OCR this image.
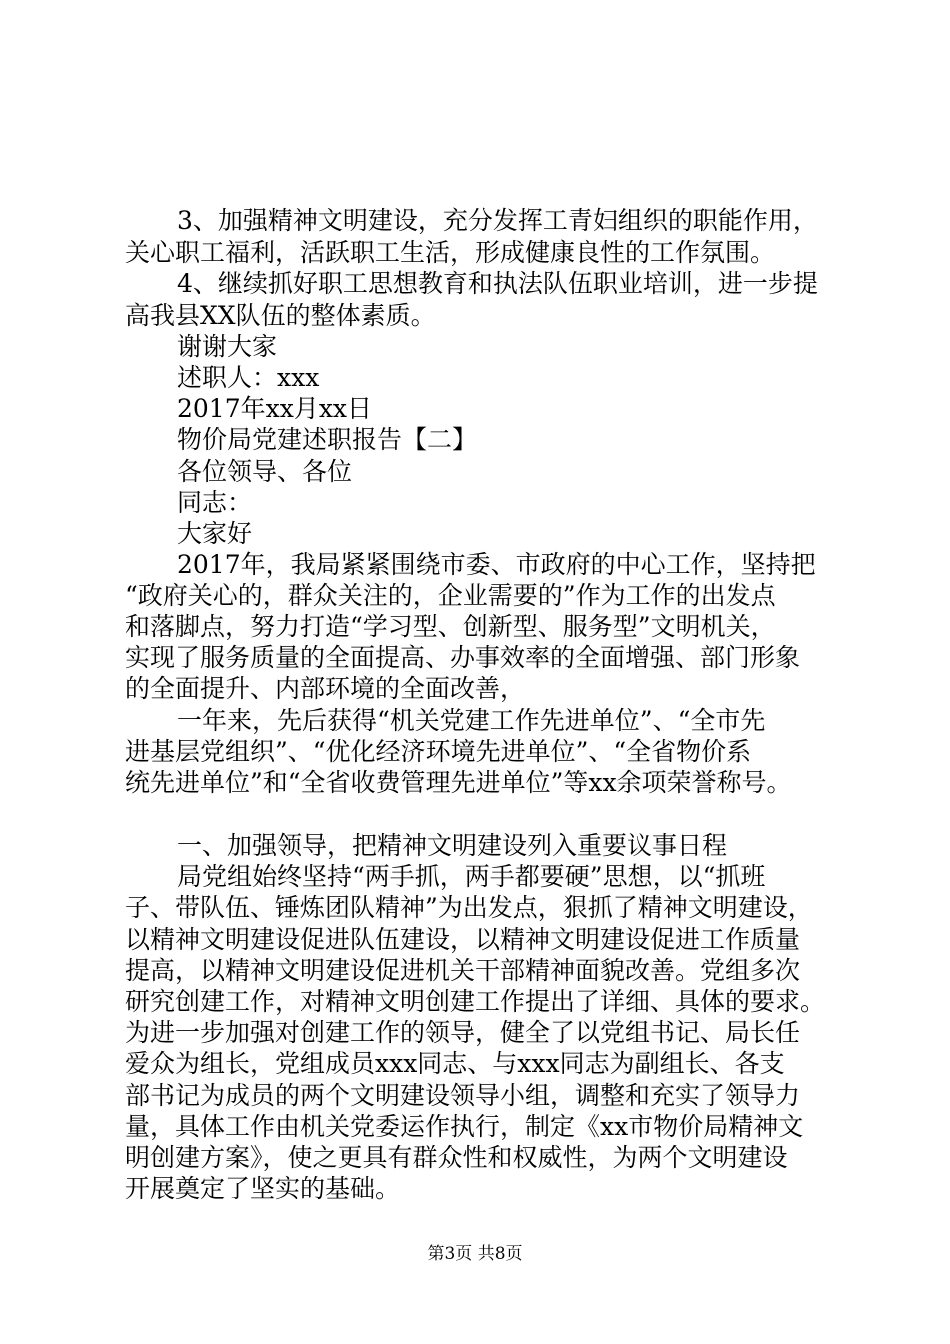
3、加强精神文明建设，充分发挥工青妇组织的职能作用，
关心职工福利，活跃职工生活，形成健康良性的工作氛围。
4、继续抓好职工思想教育和执法队伍职业培训，进一步提
高我县XX队伍的整体素质。
谢谢大家
述职人：xxx
2017年xx月xx日
物价局党建述职报告【二】
各位领导、各位
同志：
大家好
2017年，我局紧紧围绕市委、市政府的中心工作，坚持把
“政府关心的，群众关注的，企业需要的”作为工作的出发点
和落脚点，努力打造“学习型、创新型、服务型”文明机关，
实现了服务质量的全面提高、办事效率的全面增强、部门形象
的全面提升、内部环境的全面改善，
一年来，先后获得“机关党建工作先进单位”、“全市先
进基层党组织”、“优化经济环境先进单位”、“全省物价系
统先进单位”和“全省收费管理先进单位”等xx余项荣誉称号。
一、加强领导，把精神文明建设列入重要议事日程
局党组始终坚持“两手抓，两手都要硬”思想，以“抓班
子、带队伍、锤炼团队精神”为出发点，狠抓了精神文明建设，
以精神文明建设促进队伍建设，以精神文明建设促进工作质量
提高，以精神文明建设促进机关干部精神面貌改善。党组多次
研究创建工作，对精神文明创建工作提出了详细、具体的要求。
为进一步加强对创建工作的领导，健全了以党组书记、局长任
爱众为组长，党组成员xxx同志、与xxx同志为副组长、各支
部书记为成员的两个文明建设领导小组，调整和充实了领导力
量，具体工作由机关党委运作执行，制定《xx市物价局精神文
明创建方案》，使之更具有群众性和权威性，为两个文明建设
开展奠定了坚实的基础。
第3页 共8页
